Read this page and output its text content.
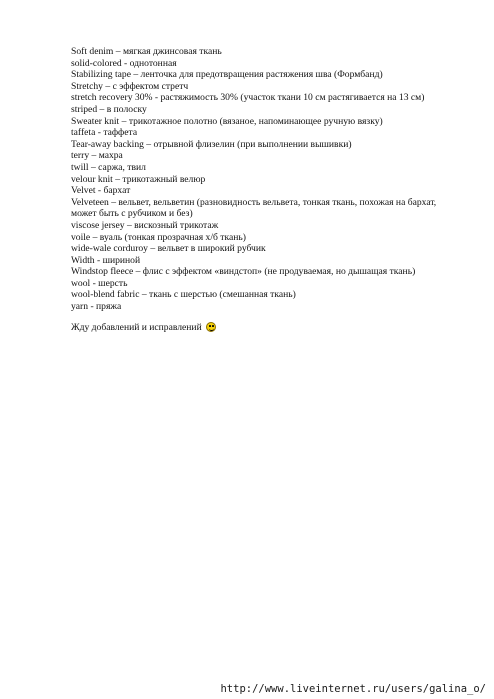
Soft denim – мягкая джинсовая ткань
solid-colored - однотонная
Stabilizing tape – ленточка для предотвращения растяжения шва (Формбанд)
Stretchy – с эффектом стретч
stretch recovery 30% - растяжимость 30% (участок ткани 10 см растягивается на 13 см)
striped – в полоску
Sweater knit – трикотажное полотно (вязаное, напоминающее ручную вязку)
taffeta - таффета
Tear-away backing – отрывной флизелин (при выполнении вышивки)
terry – махра
twill – саржа, твил
velour knit – трикотажный велюр
Velvet - бархат
Velveteen – вельвет, вельветин (разновидность вельвета, тонкая ткань, похожая на бархат, может быть с рубчиком и без)
viscose jersey – вискозный трикотаж
voile – вуаль (тонкая прозрачная х/б ткань)
wide-wale corduroy – вельвет в широкий рубчик
Width - шириной
Windstop fleece – флис с эффектом «виндстоп» (не продуваемая, но дышащая ткань)
wool - шерсть
wool-blend fabric – ткань с шерстью (смешанная ткань)
yarn - пряжа

Жду добавлений и исправлений

http://www.liveinternet.ru/users/galina_o/
